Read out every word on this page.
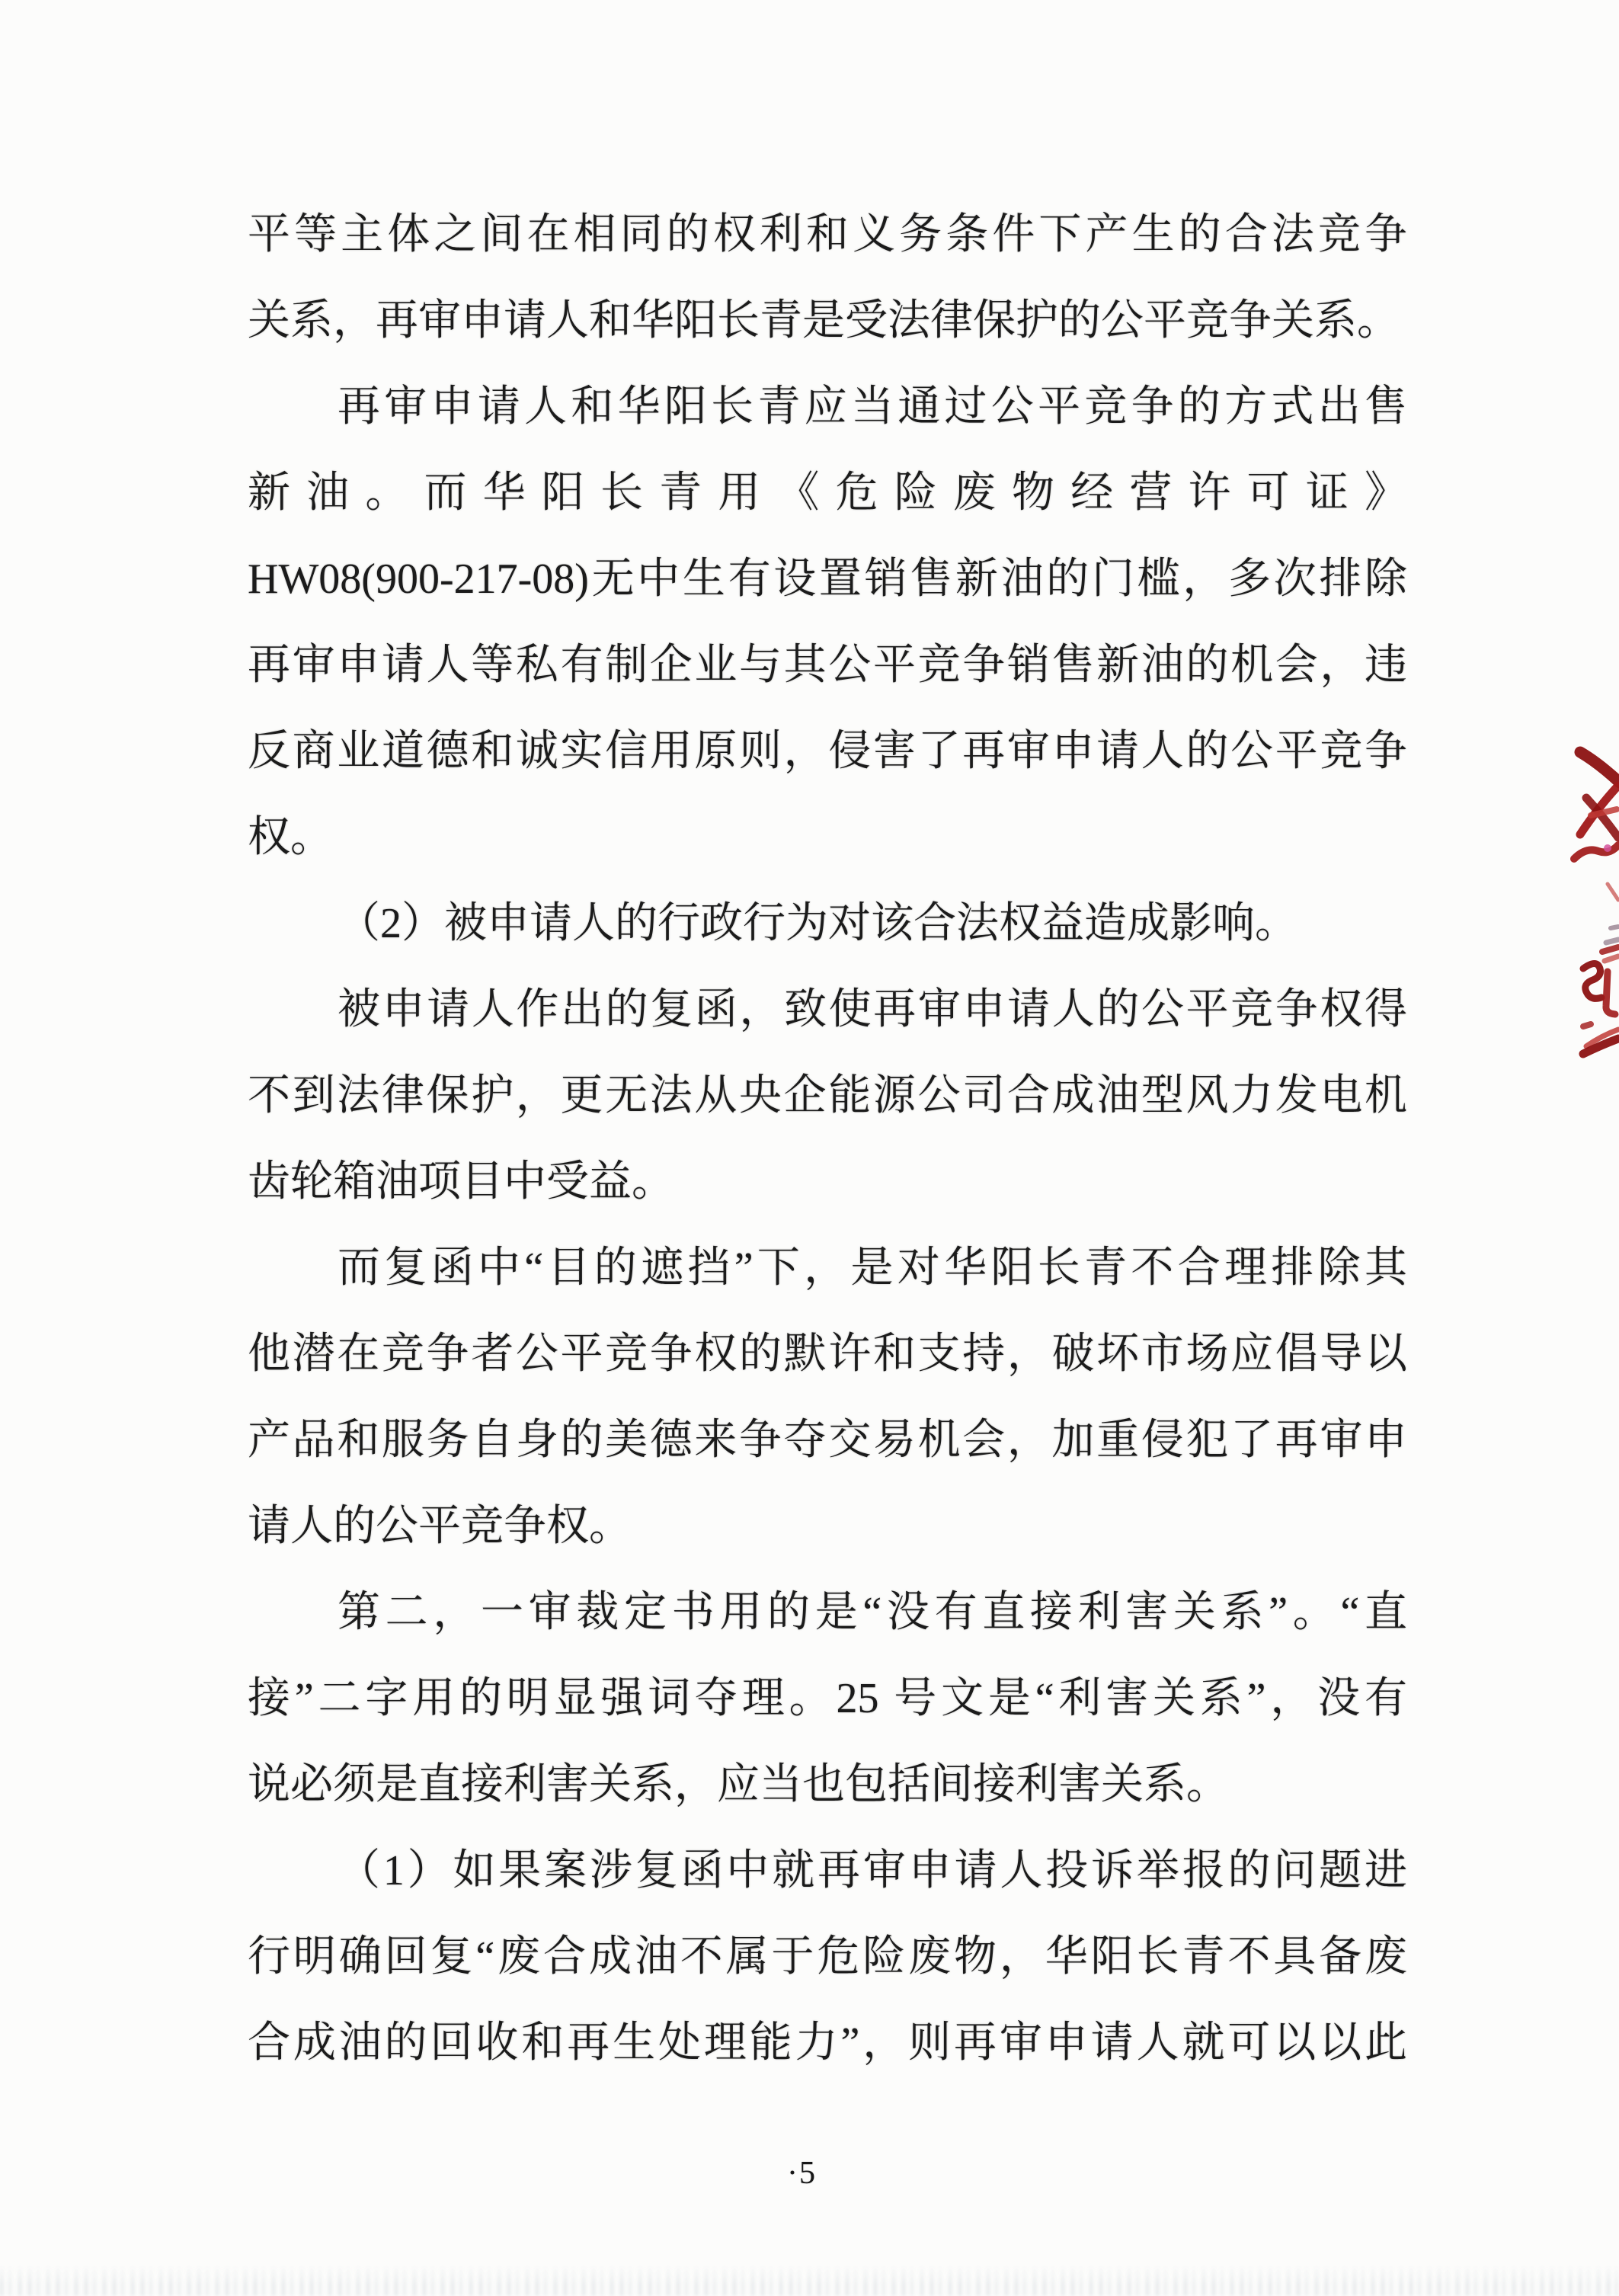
平等主体之间在相同的权利和义务条件下产生的合法竞争
关系，再审申请人和华阳长青是受法律保护的公平竞争关系。
再审申请人和华阳长青应当通过公平竞争的方式出售
新油。而华阳长青用《危险废物经营许可证》
HW08(900-217-08)无中生有设置销售新油的门槛，多次排除
再审申请人等私有制企业与其公平竞争销售新油的机会，违
反商业道德和诚实信用原则，侵害了再审申请人的公平竞争
权。
（2）被申请人的行政行为对该合法权益造成影响。
被申请人作出的复函，致使再审申请人的公平竞争权得
不到法律保护，更无法从央企能源公司合成油型风力发电机
齿轮箱油项目中受益。
而复函中“目的遮挡”下，是对华阳长青不合理排除其
他潜在竞争者公平竞争权的默许和支持，破坏市场应倡导以
产品和服务自身的美德来争夺交易机会，加重侵犯了再审申
请人的公平竞争权。
第二，一审裁定书用的是“没有直接利害关系”。“直
接”二字用的明显强词夺理。25 号文是“利害关系”，没有
说必须是直接利害关系，应当也包括间接利害关系。
（1）如果案涉复函中就再审申请人投诉举报的问题进
行明确回复“废合成油不属于危险废物，华阳长青不具备废
合成油的回收和再生处理能力”，则再审申请人就可以以此
·5
